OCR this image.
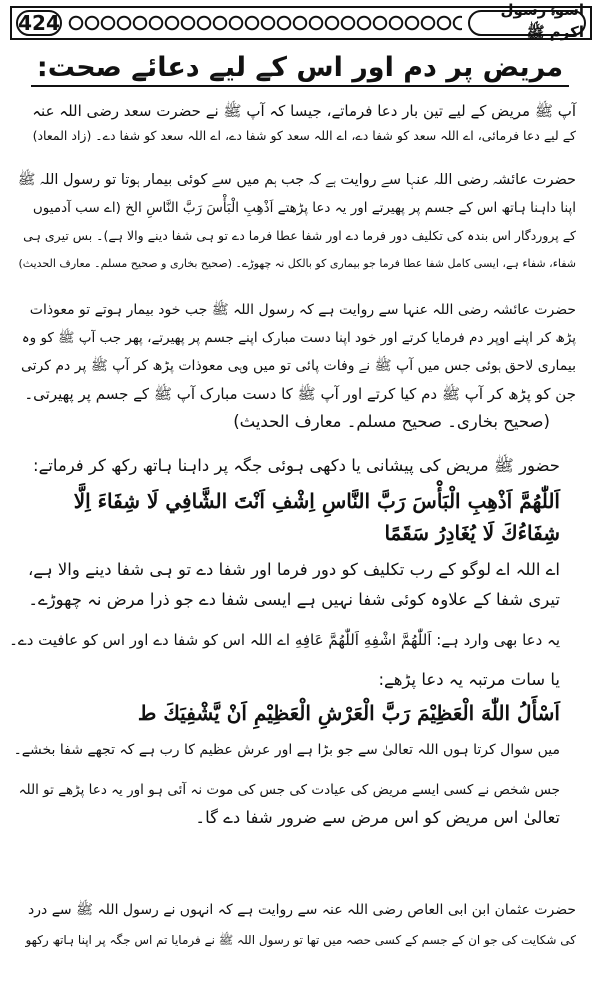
424
اسوۂ رسول اکرم ﷺ
مریض پر دم اور اس کے لیے دعائے صحت:
آپ ﷺ مریض کے لیے تین بار دعا فرماتے، جیسا کہ آپ ﷺ نے حضرت سعد رضی اللہ عنہ
کے لیے دعا فرمائی، اے اللہ سعد کو شفا دے، اے اللہ سعد کو شفا دے، اے اللہ سعد کو شفا دے۔ (زاد المعاد)
حضرت عائشہ رضی اللہ عنہا سے روایت ہے کہ جب ہم میں سے کوئی بیمار ہوتا تو رسول اللہ ﷺ
اپنا داہنا ہاتھ اس کے جسم پر پھیرتے اور یہ دعا پڑھتے اَذْهِبِ الْبَأْسَ رَبَّ النَّاسِ الخ (اے سب آدمیوں
کے پروردگار اس بندہ کی تکلیف دور فرما دے اور شفا عطا فرما دے تو ہی شفا دینے والا ہے)۔ بس تیری ہی
شفاء، شفاء ہے، ایسی کامل شفا عطا فرما جو بیماری کو بالکل نہ چھوڑے۔ (صحیح بخاری و صحیح مسلم۔ معارف الحدیث)
حضرت عائشہ رضی اللہ عنہا سے روایت ہے کہ رسول اللہ ﷺ جب خود بیمار ہوتے تو معوذات
پڑھ کر اپنے اوپر دم فرمایا کرتے اور خود اپنا دست مبارک اپنے جسم پر پھیرتے، پھر جب آپ ﷺ کو وہ
بیماری لاحق ہوئی جس میں آپ ﷺ نے وفات پائی تو میں وہی معوذات پڑھ کر آپ ﷺ پر دم کرتی
جن کو پڑھ کر آپ ﷺ دم کیا کرتے اور آپ ﷺ کا دست مبارک آپ ﷺ کے جسم پر پھیرتی۔
(صحیح بخاری۔ صحیح مسلم۔ معارف الحدیث)
حضور ﷺ مریض کی پیشانی یا دکھی ہوئی جگہ پر داہنا ہاتھ رکھ کر فرماتے:
اَللّٰهُمَّ اَذْهِبِ الْبَأْسَ رَبَّ النَّاسِ اِشْفِ اَنْتَ الشَّافِي لَا شِفَاءَ اِلَّا
شِفَاءُكَ لَا يُغَادِرُ سَقَمًا
اے اللہ اے لوگو کے رب تکلیف کو دور فرما اور شفا دے تو ہی شفا دینے والا ہے،
تیری شفا کے علاوہ کوئی شفا نہیں ہے ایسی شفا دے جو ذرا مرض نہ چھوڑے۔
یہ دعا بھی وارد ہے: اَللّٰهُمَّ اشْفِهِ اَللّٰهُمَّ عَافِهِ اے اللہ اس کو شفا دے اور اس کو عافیت دے۔
یا سات مرتبہ یہ دعا پڑھے:
اَسْأَلُ اللّٰهَ الْعَظِيْمَ رَبَّ الْعَرْشِ الْعَظِيْمِ اَنْ يَّشْفِيَكَ ط
میں سوال کرتا ہوں اللہ تعالیٰ سے جو بڑا ہے اور عرش عظیم کا رب ہے کہ تجھے شفا بخشے۔
جس شخص نے کسی ایسے مریض کی عیادت کی جس کی موت نہ آئی ہو اور یہ دعا پڑھے تو اللہ
تعالیٰ اس مریض کو اس مرض سے ضرور شفا دے گا۔
حضرت عثمان ابن ابی العاص رضی اللہ عنہ سے روایت ہے کہ انہوں نے رسول اللہ ﷺ سے درد
کی شکایت کی جو ان کے جسم کے کسی حصہ میں تھا تو رسول اللہ ﷺ نے فرمایا تم اس جگہ پر اپنا ہاتھ رکھو
